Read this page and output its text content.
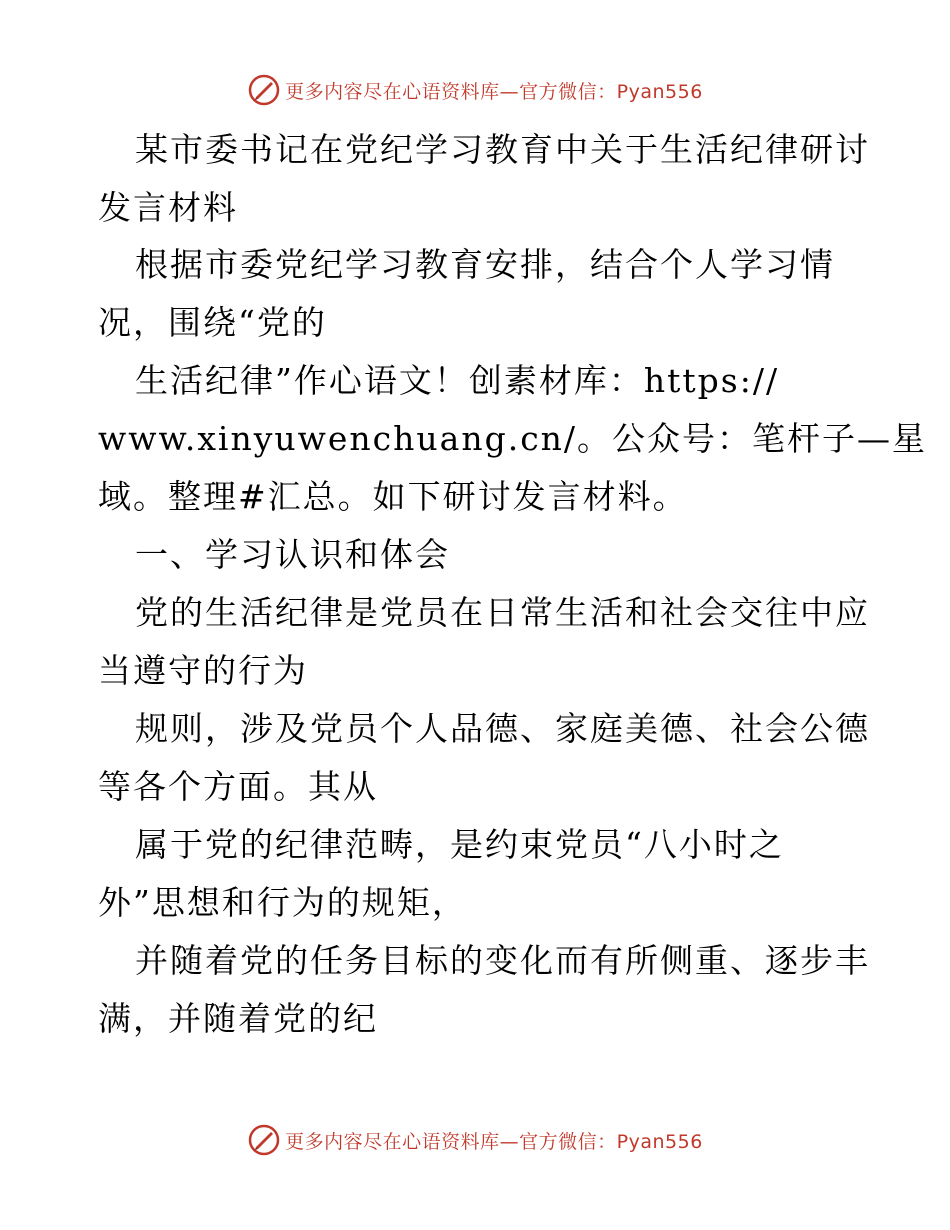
更多内容尽在心语资料库—官方微信：Pyan556
某市委书记在党纪学习教育中关于生活纪律研讨
发言材料
根据市委党纪学习教育安排，结合个人学习情
况，围绕“党的
生活纪律”作心语文！创素材库：https://
www.xinyuwenchuang.cn/。公众号：笔杆子—星
域。整理#汇总。如下研讨发言材料。
一、学习认识和体会
党的生活纪律是党员在日常生活和社会交往中应
当遵守的行为
规则，涉及党员个人品德、家庭美德、社会公德
等各个方面。其从
属于党的纪律范畴，是约束党员“八小时之
外”思想和行为的规矩，
并随着党的任务目标的变化而有所侧重、逐步丰
满，并随着党的纪
更多内容尽在心语资料库—官方微信：Pyan556
